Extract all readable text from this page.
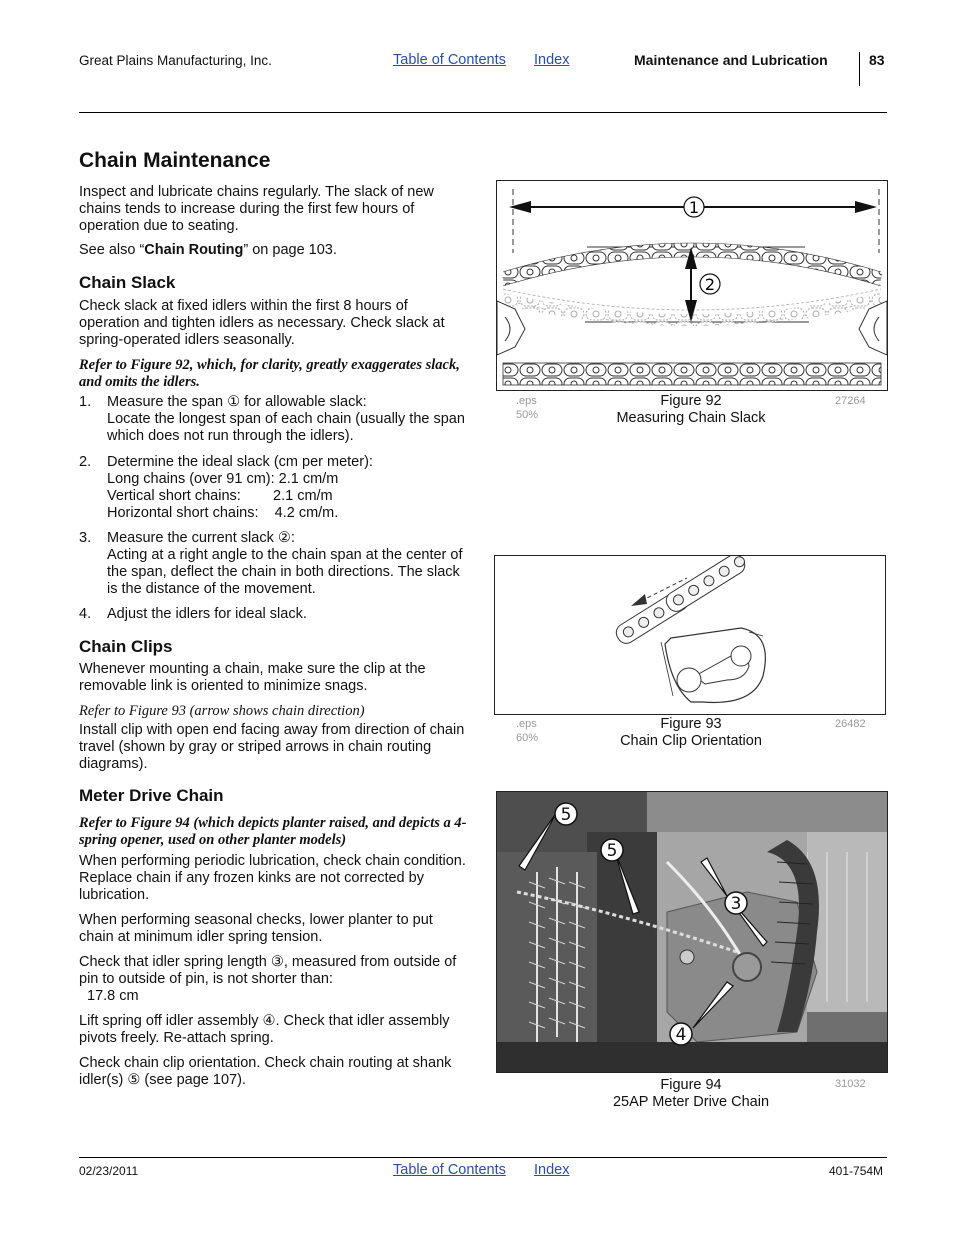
Great Plains Manufacturing, Inc.	Table of Contents Index	Maintenance and Lubrication	83
Chain Maintenance

Inspect and lubricate chains regularly. The slack of new chains tends to increase during the first few hours of operation due to seating.

See also “Chain Routing” on page 103.
Chain Slack

Check slack at fixed idlers within the first 8 hours of operation and tighten idlers as necessary. Check slack at spring-operated idlers seasonally.

Refer to Figure 92, which, for clarity, greatly exaggerates slack, and omits the idlers.

1. Measure the span ① for allowable slack:
Locate the longest span of each chain (usually the span which does not run through the idlers).
2. Determine the ideal slack (cm per meter):
Long chains (over 91 cm): 2.1 cm/m
Vertical short chains:        2.1 cm/m
Horizontal short chains:    4.2 cm/m.
3. Measure the current slack ②:
Acting at a right angle to the chain span at the center of the span, deflect the chain in both directions. The slack is the distance of the movement.
4. Adjust the idlers for ideal slack.
Chain Clips

Whenever mounting a chain, make sure the clip at the removable link is oriented to minimize snags.

Refer to Figure 93 (arrow shows chain direction)

Install clip with open end facing away from direction of chain travel (shown by gray or striped arrows in chain routing diagrams).

Meter Drive Chain

Refer to Figure 94 (which depicts planter raised, and depicts a 4-spring opener, used on other planter models)

When performing periodic lubrication, check chain condition. Replace chain if any frozen kinks are not corrected by lubrication.

When performing seasonal checks, lower planter to put chain at minimum idler spring tension.

Check that idler spring length ③, measured from outside of pin to outside of pin, is not shorter than:

17.8 cm

Lift spring off idler assembly ④. Check that idler assembly pivots freely. Re-attach spring.

Check chain clip orientation. Check chain routing at shank idler(s) ⑤ (see page 107).

1
2
.eps
50%
27264
Figure 92
Measuring Chain Slack
.eps
60%
26482
Figure 93
Chain Clip Orientation
5
5
3
4
31032
Figure 94
25AP Meter Drive Chain
02/23/2011	Table of Contents Index	401-754M
